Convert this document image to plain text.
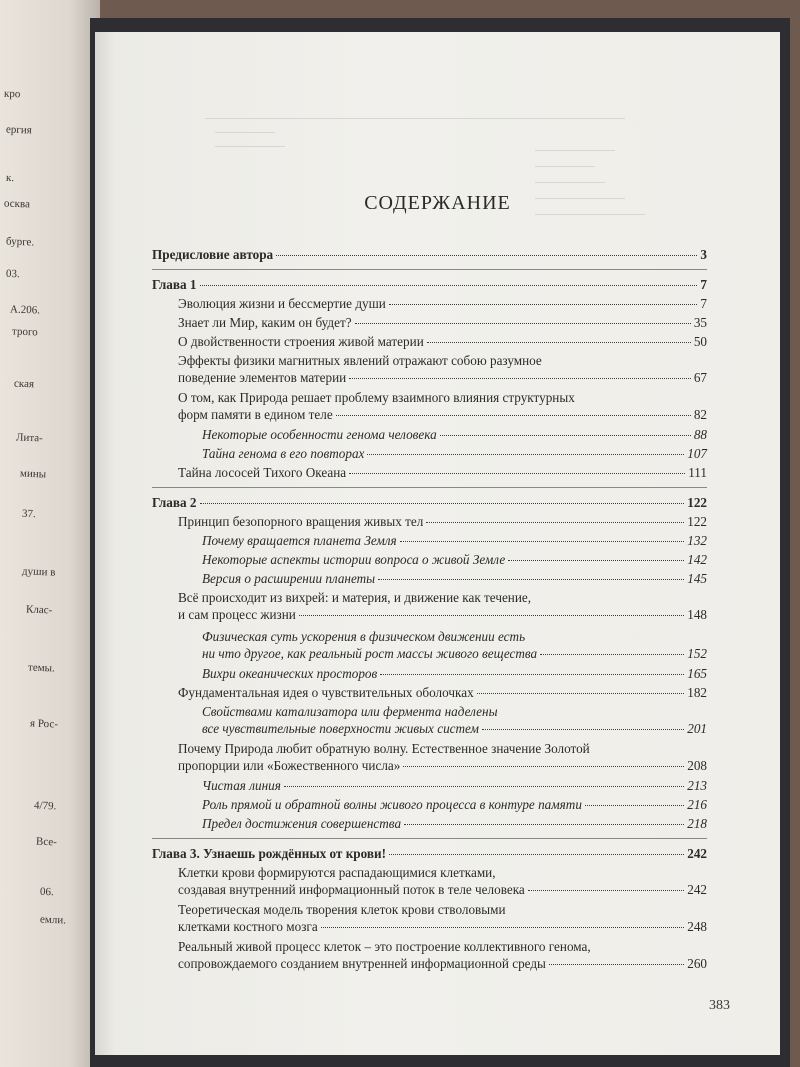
кро
ергия
к.
осква
бурге.
03.
А.206.
трого
ская
Лита-
мины
37.
души в
Клас-
темы.
я Рос-
4/79.
Все-
06.
емли.
СОДЕРЖАНИЕ
Предисловие автора	3
Глава 1	7
Эволюция жизни и бессмертие души	7
Знает ли Мир, каким он будет?	35
О двойственности строения живой материи	50
Эффекты физики магнитных явлений отражают собою разумное
поведение элементов материи	67
О том, как Природа решает проблему взаимного влияния структурных
форм памяти в едином теле	82
Некоторые особенности генома человека	88
Тайна генома в его повторах	107
Тайна лососей Тихого Океана	111
Глава 2	122
Принцип безопорного вращения живых тел	122
Почему вращается планета Земля	132
Некоторые аспекты истории вопроса о живой Земле	142
Версия о расширении планеты	145
Всё происходит из вихрей: и материя, и движение как течение,
и сам процесс жизни	148
Физическая суть ускорения в физическом движении есть
ни что другое, как реальный рост массы живого вещества	152
Вихри океанических просторов	165
Фундаментальная идея о чувствительных оболочках	182
Свойствами катализатора или фермента наделены
все чувствительные поверхности живых систем	201
Почему Природа любит обратную волну. Естественное значение Золотой
пропорции или «Божественного числа»	208
Чистая линия	213
Роль прямой и обратной волны живого процесса в контуре памяти	216
Предел достижения совершенства	218
Глава 3. Узнаешь рождённых от крови!	242
Клетки крови формируются распадающимися клетками,
создавая внутренний информационный поток в теле человека	242
Теоретическая модель творения клеток крови стволовыми
клетками костного мозга	248
Реальный живой процесс клеток – это построение коллективного генома,
сопровождаемого созданием внутренней информационной среды	260
383
